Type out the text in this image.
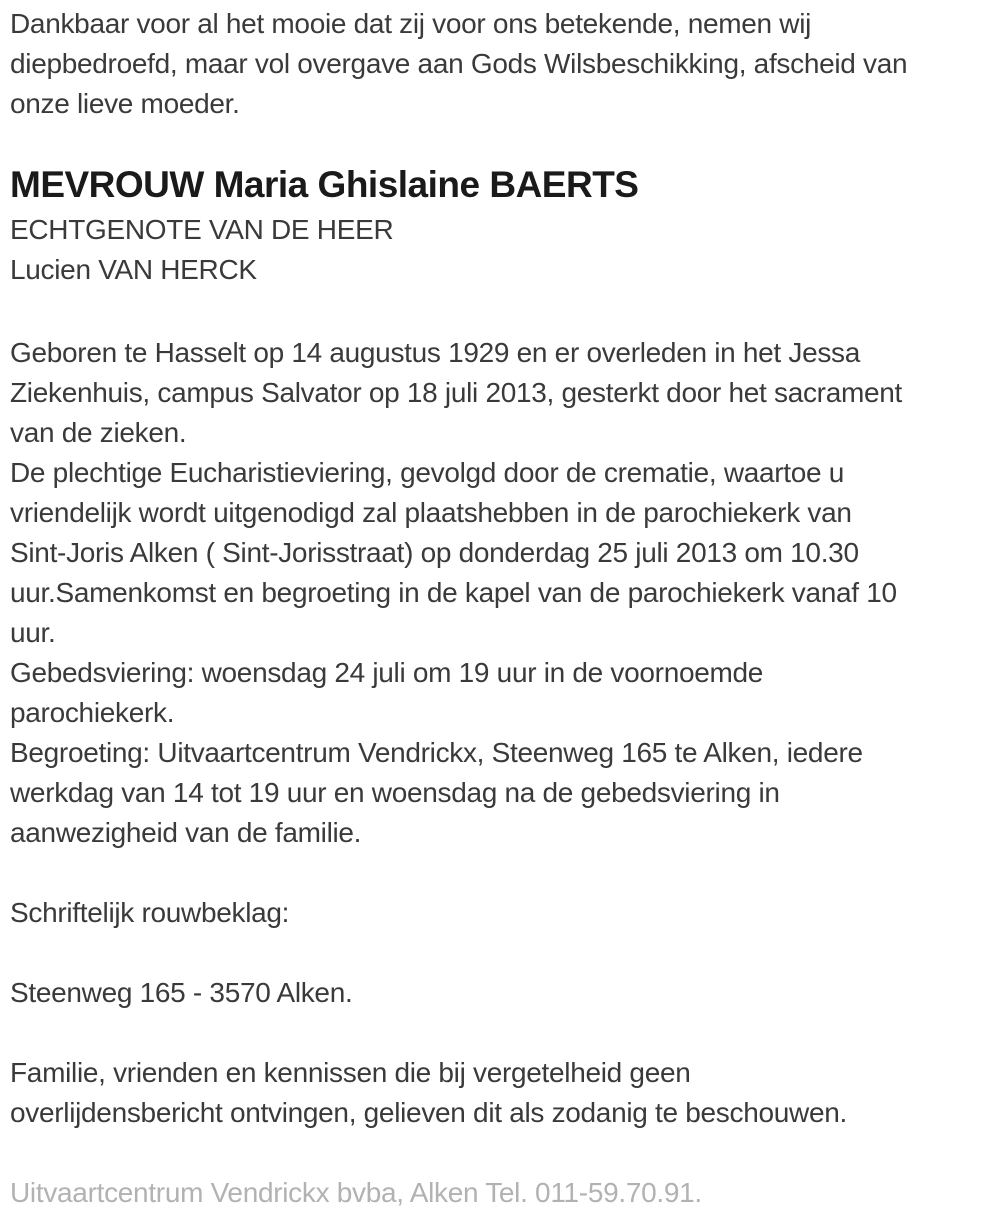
Dankbaar voor al het mooie dat zij voor ons betekende, nemen wij
diepbedroefd, maar vol overgave aan Gods Wilsbeschikking, afscheid van
onze lieve moeder.
MEVROUW Maria Ghislaine BAERTS
ECHTGENOTE VAN DE HEER
Lucien VAN HERCK
Geboren te Hasselt op 14 augustus 1929 en er overleden in het Jessa
Ziekenhuis, campus Salvator op 18 juli 2013, gesterkt door het sacrament
van de zieken.
De plechtige Eucharistieviering, gevolgd door de crematie, waartoe u
vriendelijk wordt uitgenodigd zal plaatshebben in de parochiekerk van
Sint-Joris Alken ( Sint-Jorisstraat) op donderdag 25 juli 2013 om 10.30
uur.Samenkomst en begroeting in de kapel van de parochiekerk vanaf 10
uur.
Gebedsviering: woensdag 24 juli om 19 uur in de voornoemde
parochiekerk.
Begroeting: Uitvaartcentrum Vendrickx, Steenweg 165 te Alken, iedere
werkdag van 14 tot 19 uur en woensdag na de gebedsviering in
aanwezigheid van de familie.
Schriftelijk rouwbeklag:
Steenweg 165 - 3570 Alken.
Familie, vrienden en kennissen die bij vergetelheid geen
overlijdensbericht ontvingen, gelieven dit als zodanig te beschouwen.
Uitvaartcentrum Vendrickx bvba, Alken Tel. 011-59.70.91.
